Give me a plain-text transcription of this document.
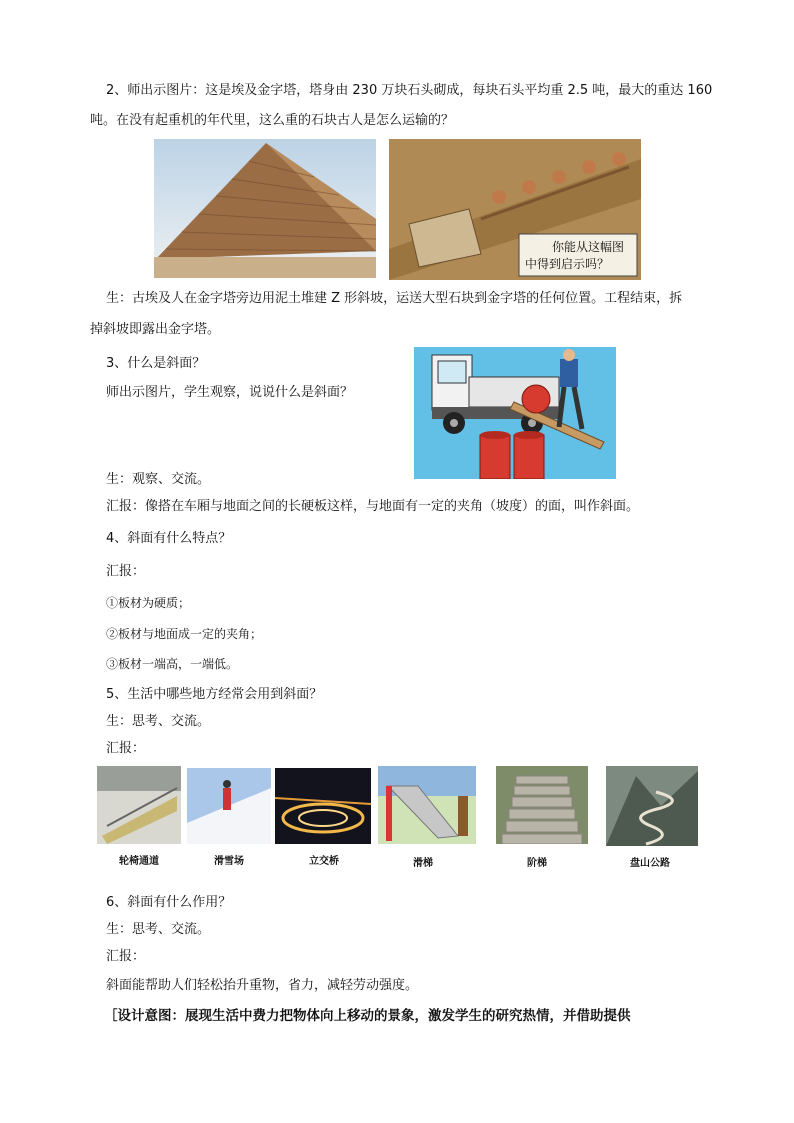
2、师出示图片：这是埃及金字塔，塔身由 230 万块石头砌成，每块石头平均重 2.5 吨，最大的重达 160
吨。在没有起重机的年代里，这么重的石块古人是怎么运输的？
你能从这幅图
中得到启示吗？
生：古埃及人在金字塔旁边用泥土堆建 Z 形斜坡，运送大型石块到金字塔的任何位置。工程结束，拆
掉斜坡即露出金字塔。
3、什么是斜面？
师出示图片，学生观察，说说什么是斜面？
生：观察、交流。
汇报：像搭在车厢与地面之间的长硬板这样，与地面有一定的夹角（坡度）的面，叫作斜面。
4、斜面有什么特点？
汇报：
①板材为硬质；
②板材与地面成一定的夹角；
③板材一端高，一端低。
5、生活中哪些地方经常会用到斜面？
生：思考、交流。
汇报：
轮椅通道	滑雪场	立交桥	滑梯	阶梯	盘山公路
6、斜面有什么作用？
生：思考、交流。
汇报：
斜面能帮助人们轻松抬升重物，省力，减轻劳动强度。
［设计意图：展现生活中费力把物体向上移动的景象，激发学生的研究热情，并借助提供
